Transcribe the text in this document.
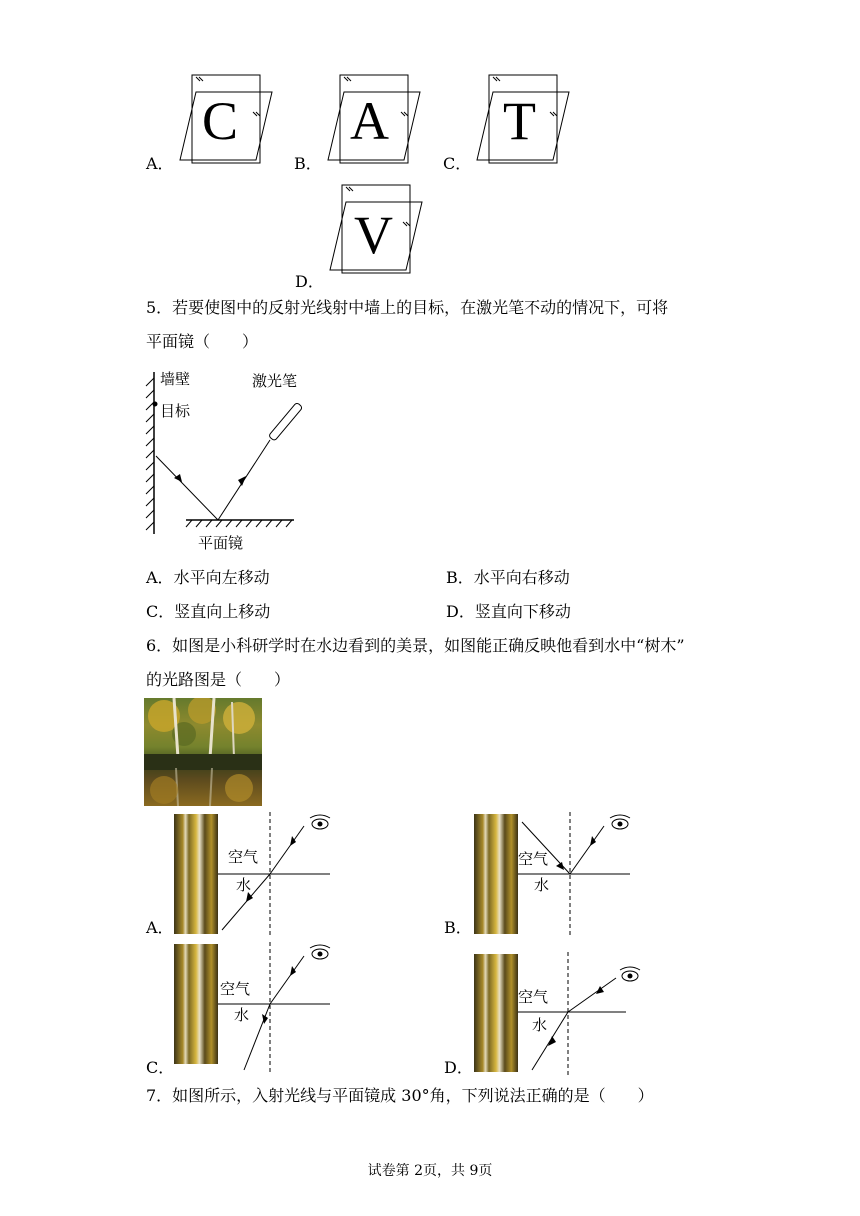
A．
C
B．
A
C．
T
D．
V
5．若要使图中的反射光线射中墙上的目标，在激光笔不动的情况下，可将
平面镜（　　）
墙壁
目标
激光笔
平面镜
A．水平向左移动	B．水平向右移动
C．竖直向上移动	D．竖直向下移动
6．如图是小科研学时在水边看到的美景，如图能正确反映他看到水中“树木”
的光路图是（　　）
A．
空气
水
B．
空气
水
C．
空气
水
D．
空气
水
7．如图所示，入射光线与平面镜成 30°角，下列说法正确的是（　　）
试卷第 2页，共 9页
